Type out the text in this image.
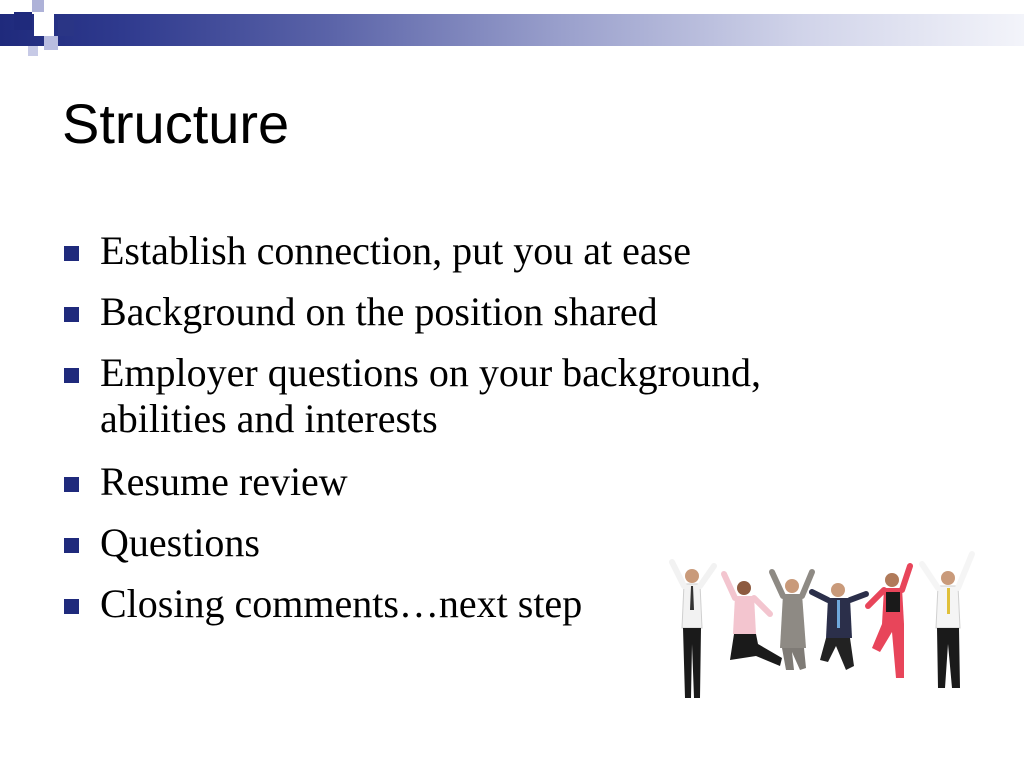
Structure
Establish connection, put you at ease
Background on the position shared
Employer questions on your background, abilities and interests
Resume review
Questions
Closing comments…next step
